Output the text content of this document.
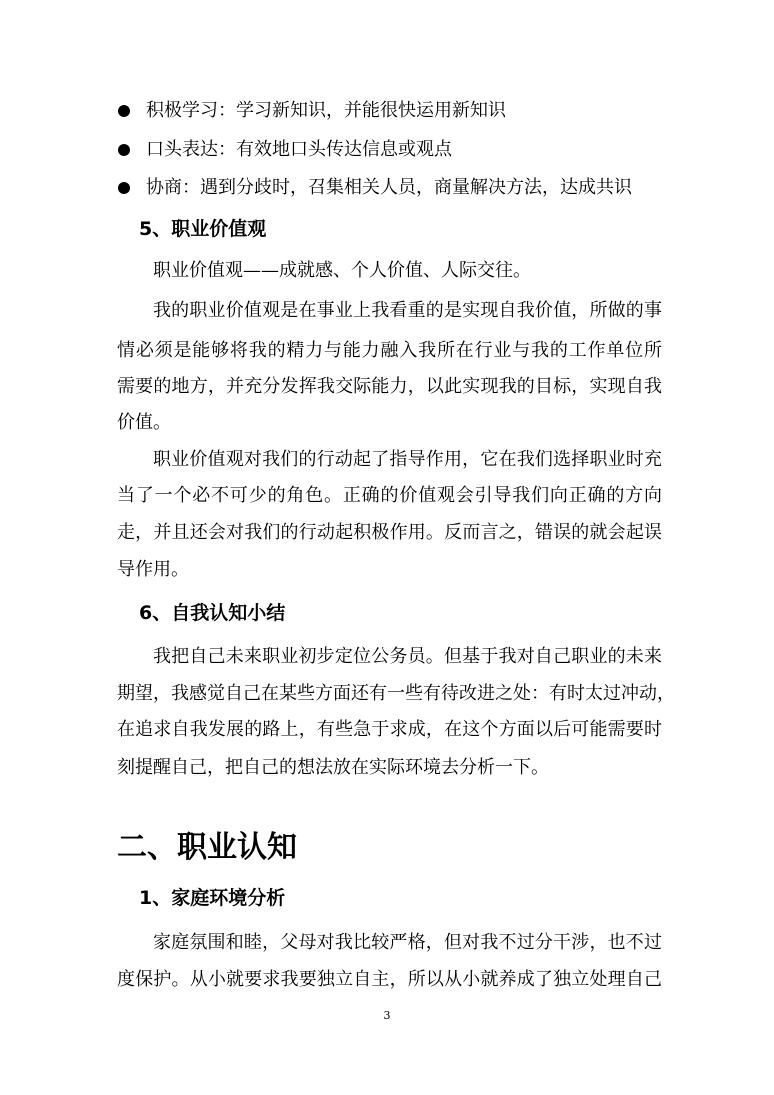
积极学习：学习新知识，并能很快运用新知识
口头表达：有效地口头传达信息或观点
协商：遇到分歧时，召集相关人员，商量解决方法，达成共识
5、职业价值观
职业价值观——成就感、个人价值、人际交往。
我的职业价值观是在事业上我看重的是实现自我价值，所做的事
情必须是能够将我的精力与能力融入我所在行业与我的工作单位所
需要的地方，并充分发挥我交际能力，以此实现我的目标，实现自我
价值。
职业价值观对我们的行动起了指导作用，它在我们选择职业时充
当了一个必不可少的角色。正确的价值观会引导我们向正确的方向
走，并且还会对我们的行动起积极作用。反而言之，错误的就会起误
导作用。
6、自我认知小结
我把自己未来职业初步定位公务员。但基于我对自己职业的未来
期望，我感觉自己在某些方面还有一些有待改进之处：有时太过冲动，
在追求自我发展的路上，有些急于求成，在这个方面以后可能需要时
刻提醒自己，把自己的想法放在实际环境去分析一下。
二、职业认知
1、家庭环境分析
家庭氛围和睦，父母对我比较严格，但对我不过分干涉，也不过
度保护。从小就要求我要独立自主，所以从小就养成了独立处理自己
3
